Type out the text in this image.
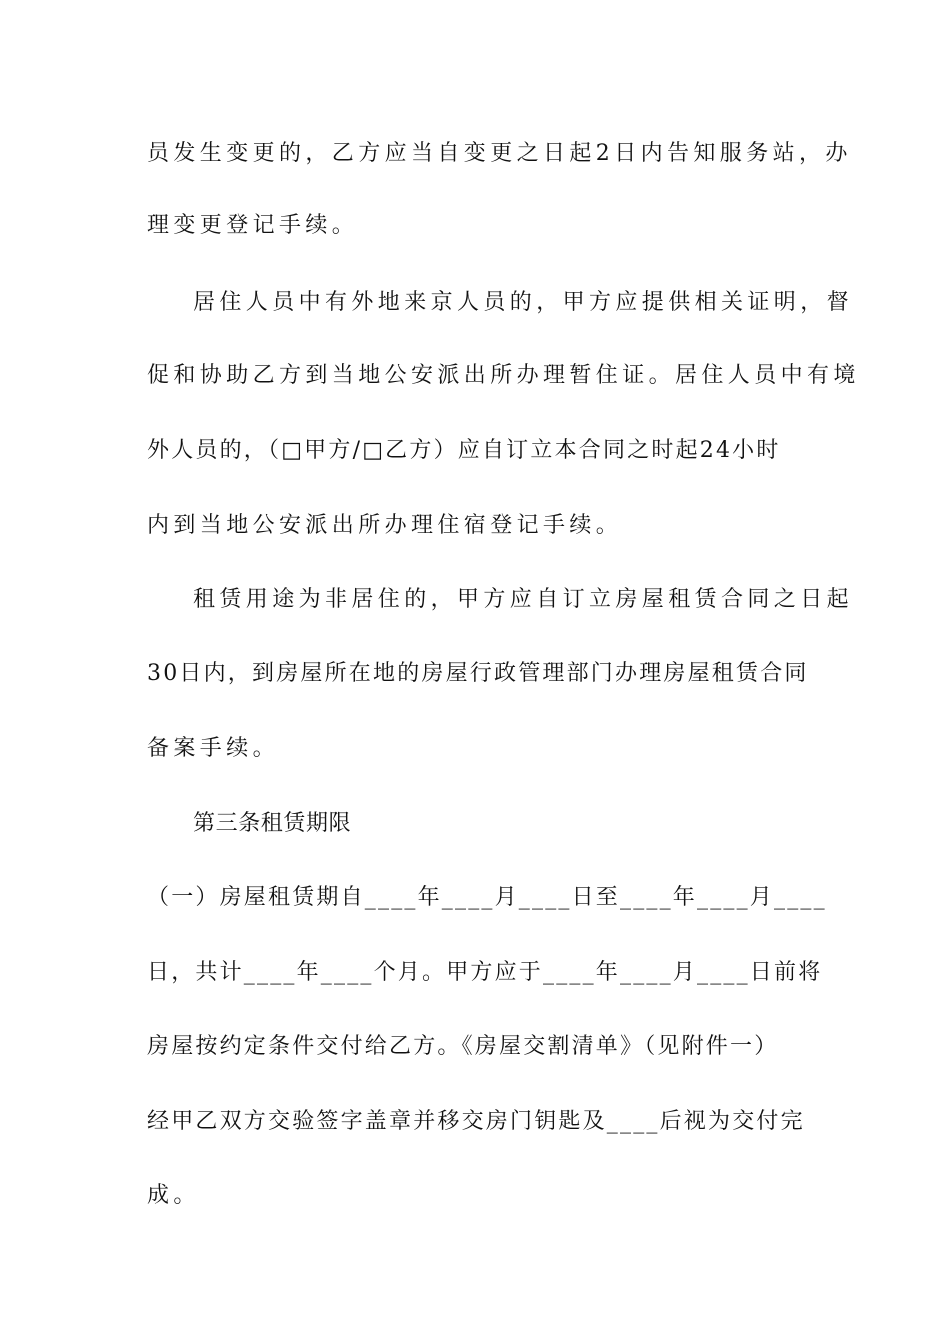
员发生变更的，乙方应当自变更之日起2日内告知服务站，办
理变更登记手续。
居住人员中有外地来京人员的，甲方应提供相关证明，督
促和协助乙方到当地公安派出所办理暂住证。居住人员中有境
外人员的，（□甲方/□乙方）应自订立本合同之时起24小时
内到当地公安派出所办理住宿登记手续。
租赁用途为非居住的，甲方应自订立房屋租赁合同之日起
30日内，到房屋所在地的房屋行政管理部门办理房屋租赁合同
备案手续。
第三条租赁期限
（一）房屋租赁期自____年____月____日至____年____月____
日，共计____年____个月。甲方应于____年____月____日前将
房屋按约定条件交付给乙方。《房屋交割清单》（见附件一）
经甲乙双方交验签字盖章并移交房门钥匙及____后视为交付完
成。
